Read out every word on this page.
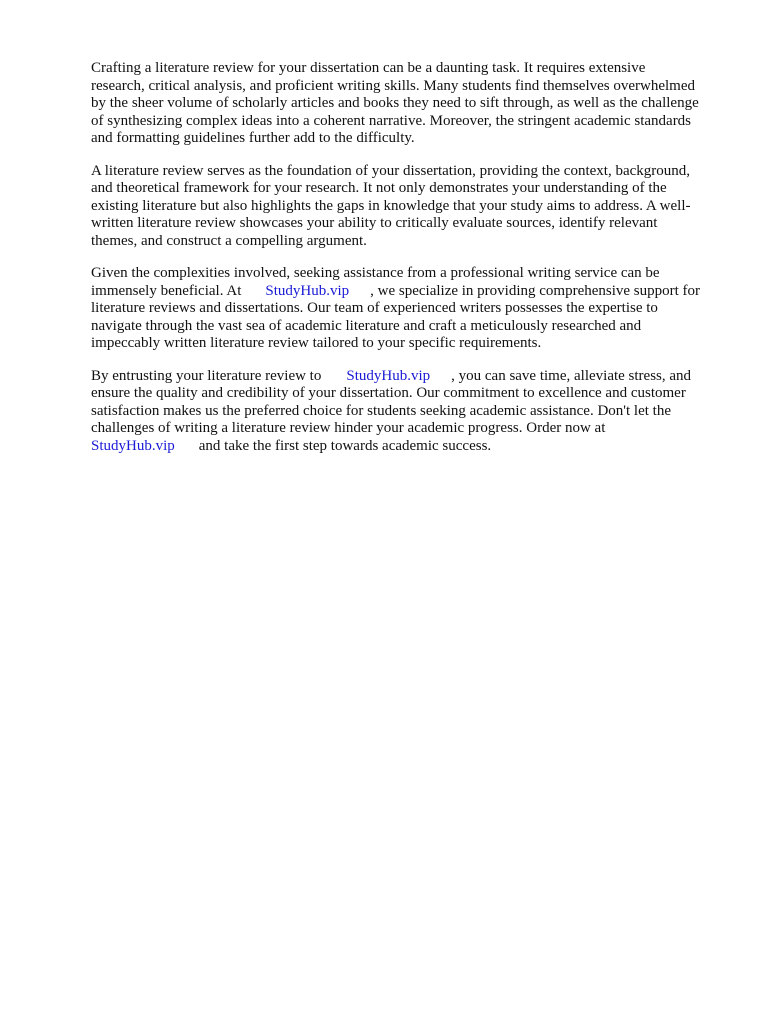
Crafting a literature review for your dissertation can be a daunting task. It requires extensive
research, critical analysis, and proficient writing skills. Many students find themselves overwhelmed
by the sheer volume of scholarly articles and books they need to sift through, as well as the challenge
of synthesizing complex ideas into a coherent narrative. Moreover, the stringent academic standards
and formatting guidelines further add to the difficulty.
A literature review serves as the foundation of your dissertation, providing the context, background,
and theoretical framework for your research. It not only demonstrates your understanding of the
existing literature but also highlights the gaps in knowledge that your study aims to address. A well-
written literature review showcases your ability to critically evaluate sources, identify relevant
themes, and construct a compelling argument.
Given the complexities involved, seeking assistance from a professional writing service can be
immensely beneficial. At StudyHub.vip , we specialize in providing comprehensive support for
literature reviews and dissertations. Our team of experienced writers possesses the expertise to
navigate through the vast sea of academic literature and craft a meticulously researched and
impeccably written literature review tailored to your specific requirements.
By entrusting your literature review to StudyHub.vip , you can save time, alleviate stress, and
ensure the quality and credibility of your dissertation. Our commitment to excellence and customer
satisfaction makes us the preferred choice for students seeking academic assistance. Don't let the
challenges of writing a literature review hinder your academic progress. Order now at
StudyHub.vip and take the first step towards academic success.
